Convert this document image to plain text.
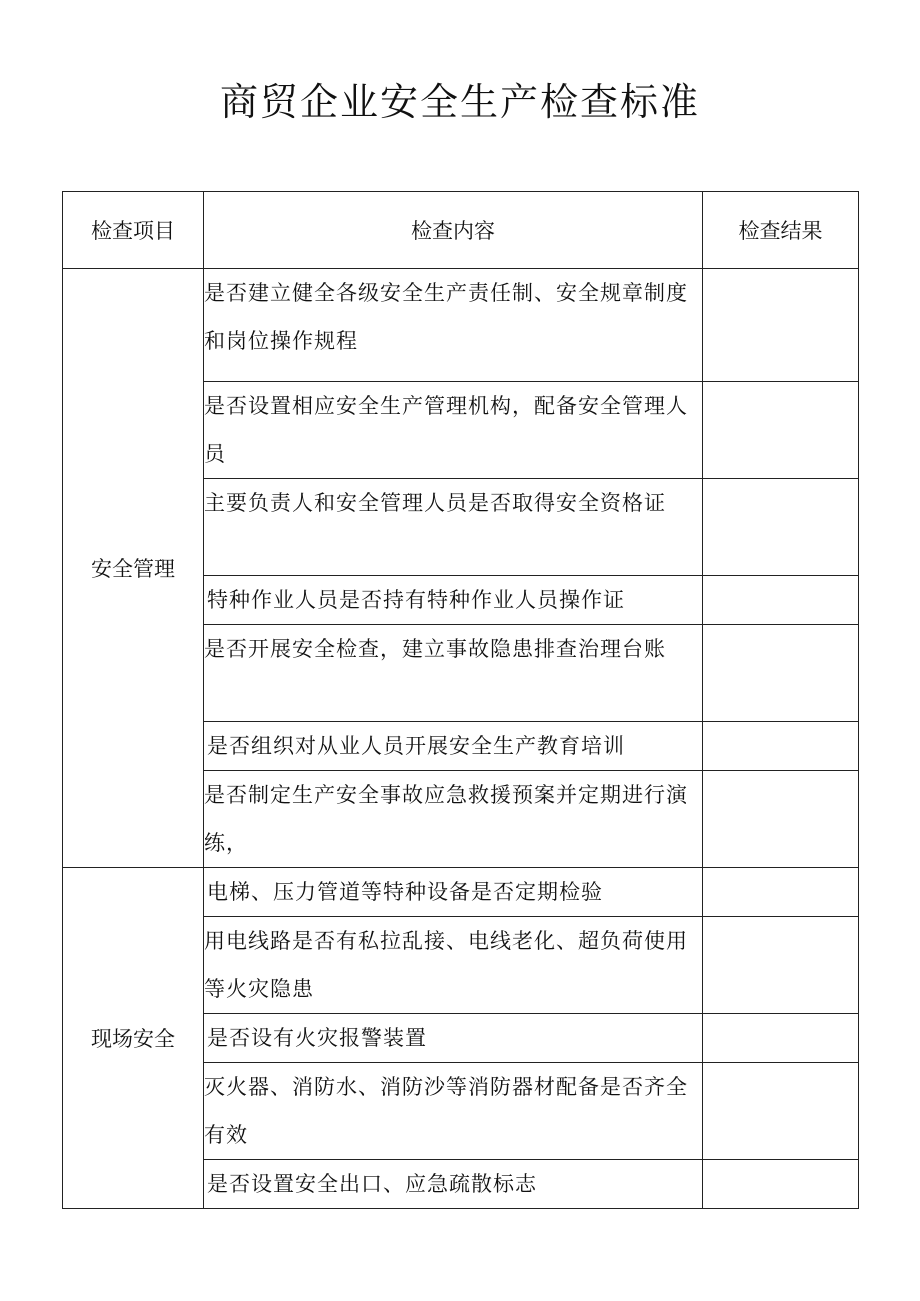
商贸企业安全生产检查标准
检查项目	检查内容	检查结果
安全管理	是否建立健全各级安全生产责任制、安全规章制度和岗位操作规程	
	是否设置相应安全生产管理机构，配备安全管理人员	
	主要负责人和安全管理人员是否取得安全资格证	
	特种作业人员是否持有特种作业人员操作证	
	是否开展安全检查，建立事故隐患排查治理台账	
	是否组织对从业人员开展安全生产教育培训	
	是否制定生产安全事故应急救援预案并定期进行演练，	
现场安全	电梯、压力管道等特种设备是否定期检验	
	用电线路是否有私拉乱接、电线老化、超负荷使用等火灾隐患	
	是否设有火灾报警装置	
	灭火器、消防水、消防沙等消防器材配备是否齐全有效	
	是否设置安全出口、应急疏散标志	
